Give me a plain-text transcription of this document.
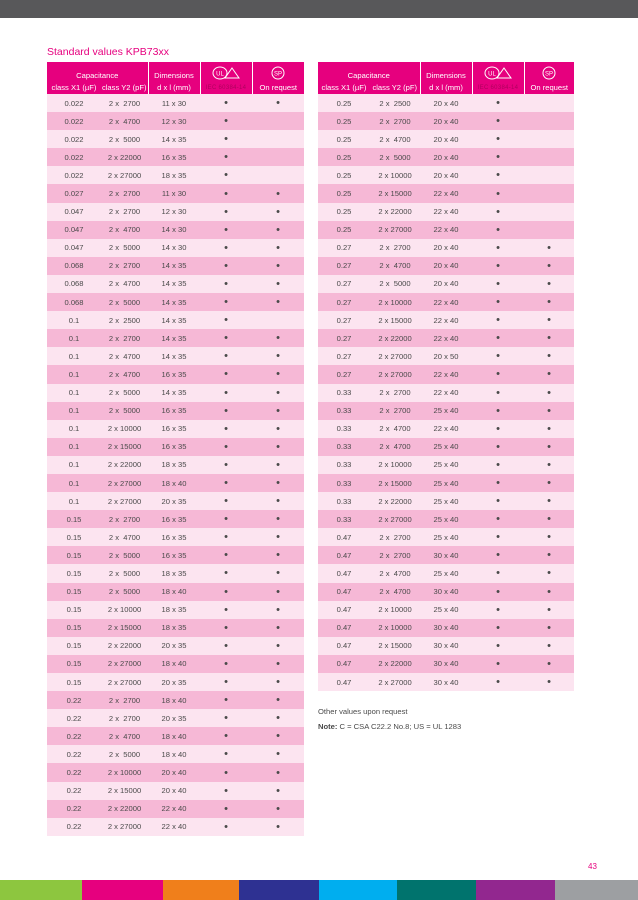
Standard values KPB73xx
Capacitance		Dimensions	UL	SP

class X1 (µF)	class Y2 (pF)	d x l (mm)	IEC 60384-14	On request
0.022	2 x  2700	11 x 30	•	•
0.022	2 x  4700	12 x 30	•	
0.022	2 x  5000	14 x 35	•	
0.022	2 x 22000	16 x 35	•	
0.022	2 x 27000	18 x 35	•	
0.027	2 x  2700	11 x 30	•	•
0.047	2 x  2700	12 x 30	•	•
0.047	2 x  4700	14 x 30	•	•
0.047	2 x  5000	14 x 30	•	•
0.068	2 x  2700	14 x 35	•	•
0.068	2 x  4700	14 x 35	•	•
0.068	2 x  5000	14 x 35	•	•
0.1	2 x  2500	14 x 35	•	
0.1	2 x  2700	14 x 35	•	•
0.1	2 x  4700	14 x 35	•	•
0.1	2 x  4700	16 x 35	•	•
0.1	2 x  5000	14 x 35	•	•
0.1	2 x  5000	16 x 35	•	•
0.1	2 x 10000	16 x 35	•	•
0.1	2 x 15000	16 x 35	•	•
0.1	2 x 22000	18 x 35	•	•
0.1	2 x 27000	18 x 40	•	•
0.1	2 x 27000	20 x 35	•	•
0.15	2 x  2700	16 x 35	•	•
0.15	2 x  4700	16 x 35	•	•
0.15	2 x  5000	16 x 35	•	•
0.15	2 x  5000	18 x 35	•	•
0.15	2 x  5000	18 x 40	•	•
0.15	2 x 10000	18 x 35	•	•
0.15	2 x 15000	18 x 35	•	•
0.15	2 x 22000	20 x 35	•	•
0.15	2 x 27000	18 x 40	•	•
0.15	2 x 27000	20 x 35	•	•
0.22	2 x  2700	18 x 40	•	•
0.22	2 x  2700	20 x 35	•	•
0.22	2 x  4700	18 x 40	•	•
0.22	2 x  5000	18 x 40	•	•
0.22	2 x 10000	20 x 40	•	•
0.22	2 x 15000	20 x 40	•	•
0.22	2 x 22000	22 x 40	•	•
0.22	2 x 27000	22 x 40	•	•
Capacitance		Dimensions	UL	SP

class X1 (µF)	class Y2 (pF)	d x l (mm)	IEC 60384-14	On request
0.25	2 x  2500	20 x 40	•	
0.25	2 x  2700	20 x 40	•	
0.25	2 x  4700	20 x 40	•	
0.25	2 x  5000	20 x 40	•	
0.25	2 x 10000	20 x 40	•	
0.25	2 x 15000	22 x 40	•	
0.25	2 x 22000	22 x 40	•	
0.25	2 x 27000	22 x 40	•	
0.27	2 x  2700	20 x 40	•	•
0.27	2 x  4700	20 x 40	•	•
0.27	2 x  5000	20 x 40	•	•
0.27	2 x 10000	22 x 40	•	•
0.27	2 x 15000	22 x 40	•	•
0.27	2 x 22000	22 x 40	•	•
0.27	2 x 27000	20 x 50	•	•
0.27	2 x 27000	22 x 40	•	•
0.33	2 x  2700	22 x 40	•	•
0.33	2 x  2700	25 x 40	•	•
0.33	2 x  4700	22 x 40	•	•
0.33	2 x  4700	25 x 40	•	•
0.33	2 x 10000	25 x 40	•	•
0.33	2 x 15000	25 x 40	•	•
0.33	2 x 22000	25 x 40	•	•
0.33	2 x 27000	25 x 40	•	•
0.47	2 x  2700	25 x 40	•	•
0.47	2 x  2700	30 x 40	•	•
0.47	2 x  4700	25 x 40	•	•
0.47	2 x  4700	30 x 40	•	•
0.47	2 x 10000	25 x 40	•	•
0.47	2 x 10000	30 x 40	•	•
0.47	2 x 15000	30 x 40	•	•
0.47	2 x 22000	30 x 40	•	•
0.47	2 x 27000	30 x 40	•	•
Other values upon request
Note: C = CSA C22.2 No.8; US = UL 1283
43
